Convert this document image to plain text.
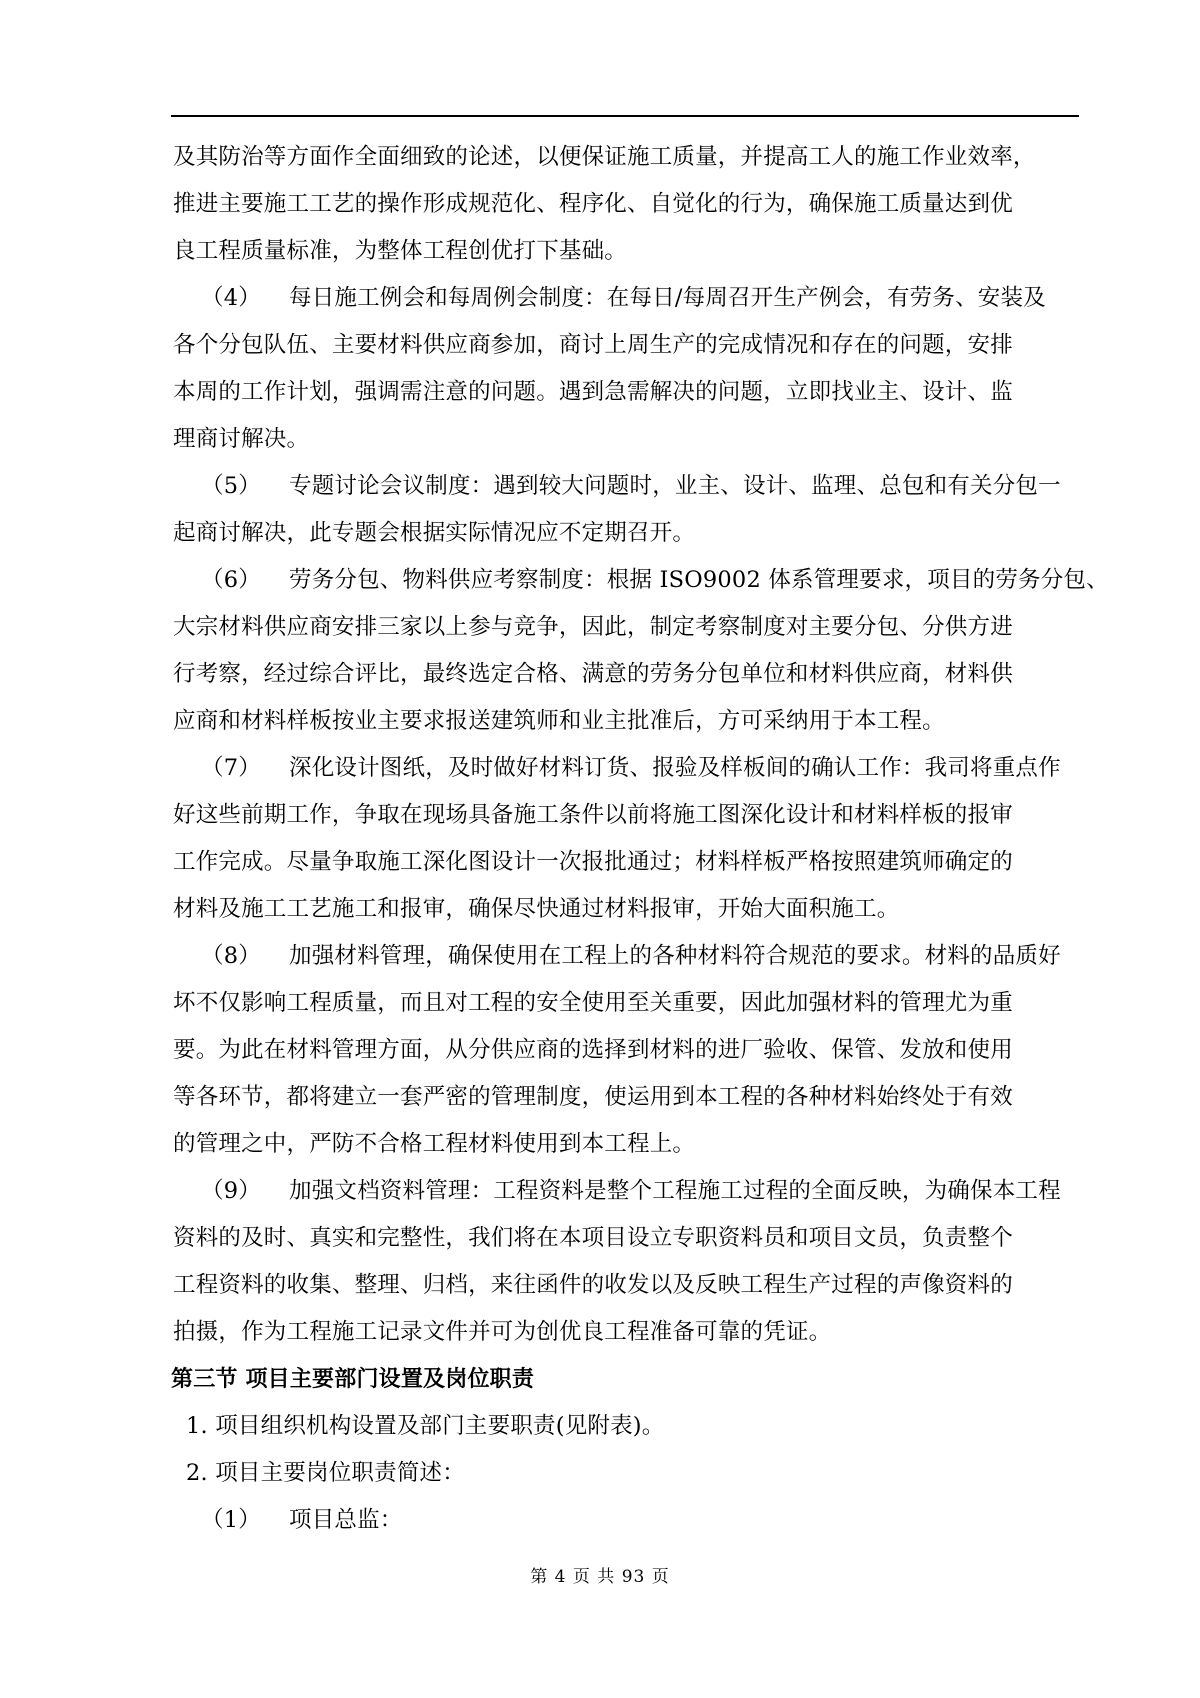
及其防治等方面作全面细致的论述，以便保证施工质量，并提高工人的施工作业效率，
推进主要施工工艺的操作形成规范化、程序化、自觉化的行为，确保施工质量达到优
良工程质量标准，为整体工程创优打下基础。
（4） 每日施工例会和每周例会制度：在每日/每周召开生产例会，有劳务、安装及
各个分包队伍、主要材料供应商参加，商讨上周生产的完成情况和存在的问题，安排
本周的工作计划，强调需注意的问题。遇到急需解决的问题，立即找业主、设计、监
理商讨解决。
（5） 专题讨论会议制度：遇到较大问题时，业主、设计、监理、总包和有关分包一
起商讨解决，此专题会根据实际情况应不定期召开。
（6） 劳务分包、物料供应考察制度：根据 ISO9002 体系管理要求，项目的劳务分包、
大宗材料供应商安排三家以上参与竞争，因此，制定考察制度对主要分包、分供方进
行考察，经过综合评比，最终选定合格、满意的劳务分包单位和材料供应商，材料供
应商和材料样板按业主要求报送建筑师和业主批准后，方可采纳用于本工程。
（7） 深化设计图纸，及时做好材料订货、报验及样板间的确认工作：我司将重点作
好这些前期工作，争取在现场具备施工条件以前将施工图深化设计和材料样板的报审
工作完成。尽量争取施工深化图设计一次报批通过；材料样板严格按照建筑师确定的
材料及施工工艺施工和报审，确保尽快通过材料报审，开始大面积施工。
（8） 加强材料管理，确保使用在工程上的各种材料符合规范的要求。材料的品质好
坏不仅影响工程质量，而且对工程的安全使用至关重要，因此加强材料的管理尤为重
要。为此在材料管理方面，从分供应商的选择到材料的进厂验收、保管、发放和使用
等各环节，都将建立一套严密的管理制度，使运用到本工程的各种材料始终处于有效
的管理之中，严防不合格工程材料使用到本工程上。
（9） 加强文档资料管理：工程资料是整个工程施工过程的全面反映，为确保本工程
资料的及时、真实和完整性，我们将在本项目设立专职资料员和项目文员，负责整个
工程资料的收集、整理、归档，来往函件的收发以及反映工程生产过程的声像资料的
拍摄，作为工程施工记录文件并可为创优良工程准备可靠的凭证。
第三节 项目主要部门设置及岗位职责
1. 项目组织机构设置及部门主要职责(见附表)。
2. 项目主要岗位职责简述：
（1） 项目总监：
第 4 页 共 93 页
